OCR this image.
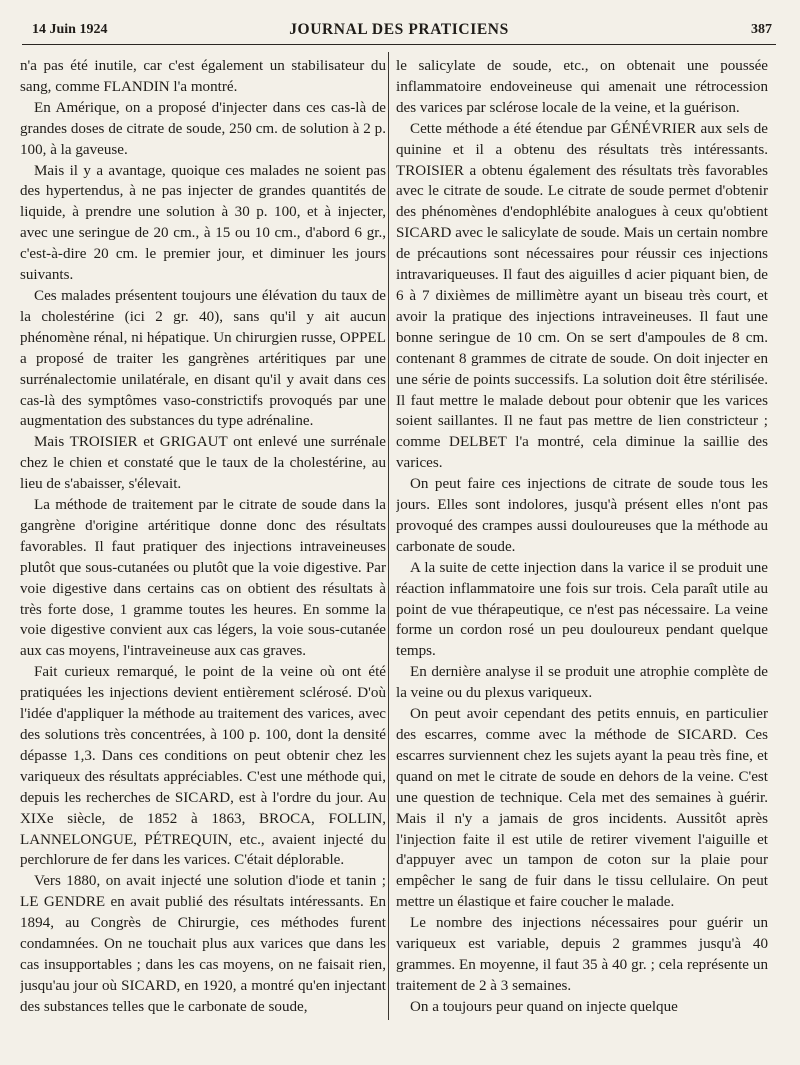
14 Juin 1924	JOURNAL DES PRATICIENS	387

n'a pas été inutile, car c'est également un stabilisateur du sang, comme FLANDIN l'a montré.

En Amérique, on a proposé d'injecter dans ces cas-là de grandes doses de citrate de soude, 250 cm. de solution à 2 p. 100, à la gaveuse.

Mais il y a avantage, quoique ces malades ne soient pas des hypertendus, à ne pas injecter de grandes quantités de liquide, à prendre une solution à 30 p. 100, et à injecter, avec une seringue de 20 cm., à 15 ou 10 cm., d'abord 6 gr., c'est-à-dire 20 cm. le premier jour, et diminuer les jours suivants.

Ces malades présentent toujours une élévation du taux de la cholestérine (ici 2 gr. 40), sans qu'il y ait aucun phénomène rénal, ni hépatique. Un chirurgien russe, OPPEL a proposé de traiter les gangrènes artéritiques par une surrénalectomie unilatérale, en disant qu'il y avait dans ces cas-là des symptômes vaso-constrictifs provoqués par une augmentation des substances du type adrénaline.

Mais TROISIER et GRIGAUT ont enlevé une surrénale chez le chien et constaté que le taux de la cholestérine, au lieu de s'abaisser, s'élevait.

La méthode de traitement par le citrate de soude dans la gangrène d'origine artéritique donne donc des résultats favorables. Il faut pratiquer des injections intraveineuses plutôt que sous-cutanées ou plutôt que la voie digestive. Par voie digestive dans certains cas on obtient des résultats à très forte dose, 1 gramme toutes les heures. En somme la voie digestive convient aux cas légers, la voie sous-cutanée aux cas moyens, l'intraveineuse aux cas graves.

Fait curieux remarqué, le point de la veine où ont été pratiquées les injections devient entièrement sclérosé. D'où l'idée d'appliquer la méthode au traitement des varices, avec des solutions très concentrées, à 100 p. 100, dont la densité dépasse 1,3. Dans ces conditions on peut obtenir chez les variqueux des résultats appréciables. C'est une méthode qui, depuis les recherches de SICARD, est à l'ordre du jour. Au XIXe siècle, de 1852 à 1863, BROCA, FOLLIN, LANNELONGUE, PÉTREQUIN, etc., avaient injecté du perchlorure de fer dans les varices. C'était déplorable.

Vers 1880, on avait injecté une solution d'iode et tanin ; LE GENDRE en avait publié des résultats intéressants. En 1894, au Congrès de Chirurgie, ces méthodes furent condamnées. On ne touchait plus aux varices que dans les cas insupportables ; dans les cas moyens, on ne faisait rien, jusqu'au jour où SICARD, en 1920, a montré qu'en injectant des substances telles que le carbonate de soude,

le salicylate de soude, etc., on obtenait une poussée inflammatoire endoveineuse qui amenait une rétrocession des varices par sclérose locale de la veine, et la guérison.

Cette méthode a été étendue par GÉNÉVRIER aux sels de quinine et il a obtenu des résultats très intéressants. TROISIER a obtenu également des résultats très favorables avec le citrate de soude. Le citrate de soude permet d'obtenir des phénomènes d'endophlébite analogues à ceux qu'obtient SICARD avec le salicylate de soude. Mais un certain nombre de précautions sont nécessaires pour réussir ces injections intravariqueuses. Il faut des aiguilles d acier piquant bien, de 6 à 7 dixièmes de millimètre ayant un biseau très court, et avoir la pratique des injections intraveineuses. Il faut une bonne seringue de 10 cm. On se sert d'ampoules de 8 cm. contenant 8 grammes de citrate de soude. On doit injecter en une série de points successifs. La solution doit être stérilisée. Il faut mettre le malade debout pour obtenir que les varices soient saillantes. Il ne faut pas mettre de lien constricteur ; comme DELBET l'a montré, cela diminue la saillie des varices.

On peut faire ces injections de citrate de soude tous les jours. Elles sont indolores, jusqu'à présent elles n'ont pas provoqué des crampes aussi douloureuses que la méthode au carbonate de soude.

A la suite de cette injection dans la varice il se produit une réaction inflammatoire une fois sur trois. Cela paraît utile au point de vue thérapeutique, ce n'est pas nécessaire. La veine forme un cordon rosé un peu douloureux pendant quelque temps.

En dernière analyse il se produit une atrophie complète de la veine ou du plexus variqueux.

On peut avoir cependant des petits ennuis, en particulier des escarres, comme avec la méthode de SICARD. Ces escarres surviennent chez les sujets ayant la peau très fine, et quand on met le citrate de soude en dehors de la veine. C'est une question de technique. Cela met des semaines à guérir. Mais il n'y a jamais de gros incidents. Aussitôt après l'injection faite il est utile de retirer vivement l'aiguille et d'appuyer avec un tampon de coton sur la plaie pour empêcher le sang de fuir dans le tissu cellulaire. On peut mettre un élastique et faire coucher le malade.

Le nombre des injections nécessaires pour guérir un variqueux est variable, depuis 2 grammes jusqu'à 40 grammes. En moyenne, il faut 35 à 40 gr. ; cela représente un traitement de 2 à 3 semaines.

On a toujours peur quand on injecte quelque
